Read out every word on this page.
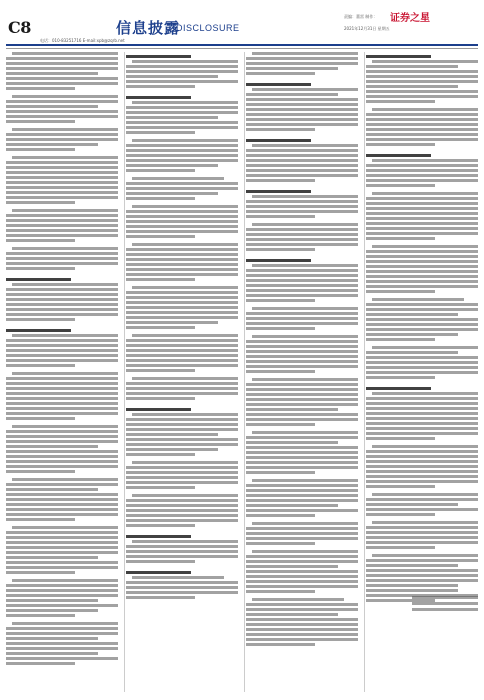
C8	信息披露
DISCLOSURE
电话：010-83251716 E-mail:xpb@zqrb.net
责编：董雷 制作： 证券之星
2021年12月31日 星期五
